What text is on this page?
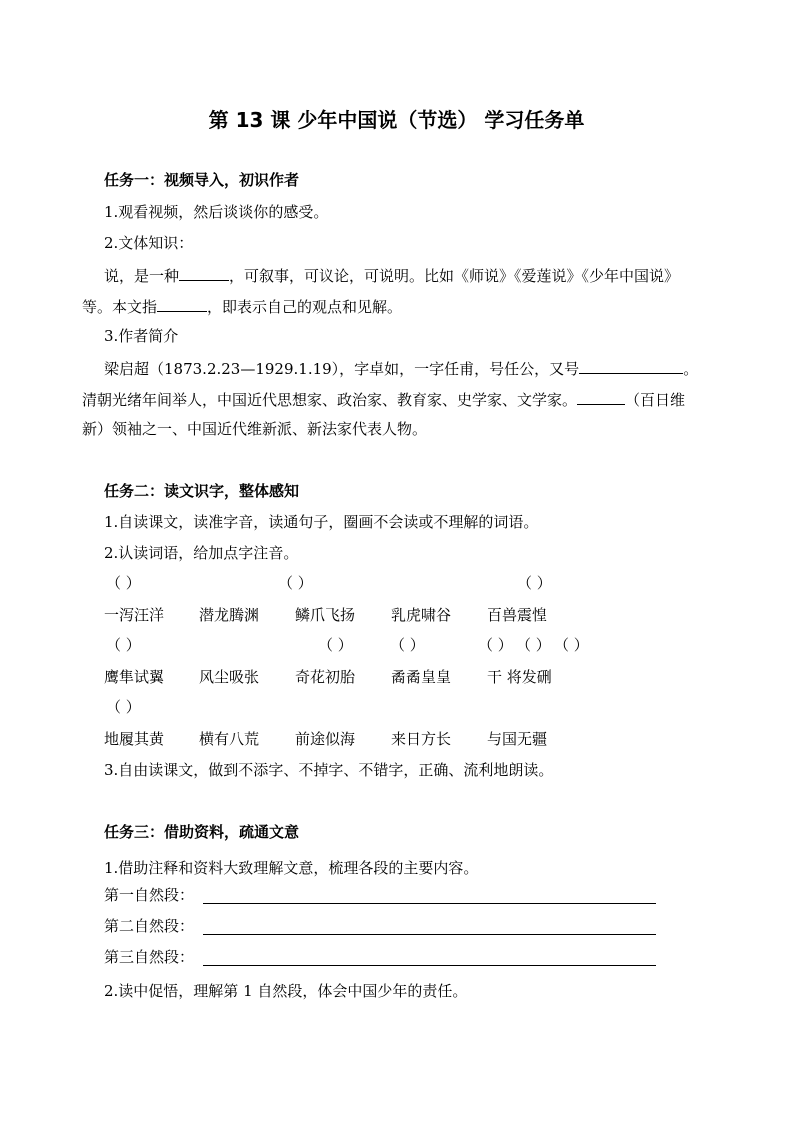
第 13 课 少年中国说（节选） 学习任务单
任务一：视频导入，初识作者
1.观看视频，然后谈谈你的感受。
2.文体知识：
说，是一种	，可叙事，可议论，可说明。比如《师说》《爱莲说》《少年中国说》
等。本文指	，即表示自己的观点和见解。
3.作者简介
梁启超（1873.2.23—1929.1.19），字卓如，一字任甫，号任公，又号	。
清朝光绪年间举人，中国近代思想家、政治家、教育家、史学家、文学家。	（百日维
新）领袖之一、中国近代维新派、新法家代表人物。
任务二：读文识字，整体感知
1.自读课文，读准字音，读通句子，圈画不会读或不理解的词语。
2.认读词语，给加点字注音。
（ ）	（ ）	（ ）
一泻汪洋 潜龙腾渊 鳞爪飞扬 乳虎啸谷 百兽震惶
（ ）	（ ） （ ）	（ ） （ ） （ ）
鹰隼试翼 风尘吸张 奇花初胎 矞矞皇皇 干 将发硎
（ ）
地履其黄 横有八荒 前途似海 来日方长 与国无疆
3.自由读课文，做到不添字、不掉字、不错字，正确、流利地朗读。
任务三：借助资料，疏通文意
1.借助注释和资料大致理解文意，梳理各段的主要内容。
第一自然段：
第二自然段：
第三自然段：
2.读中促悟，理解第 1 自然段，体会中国少年的责任。
